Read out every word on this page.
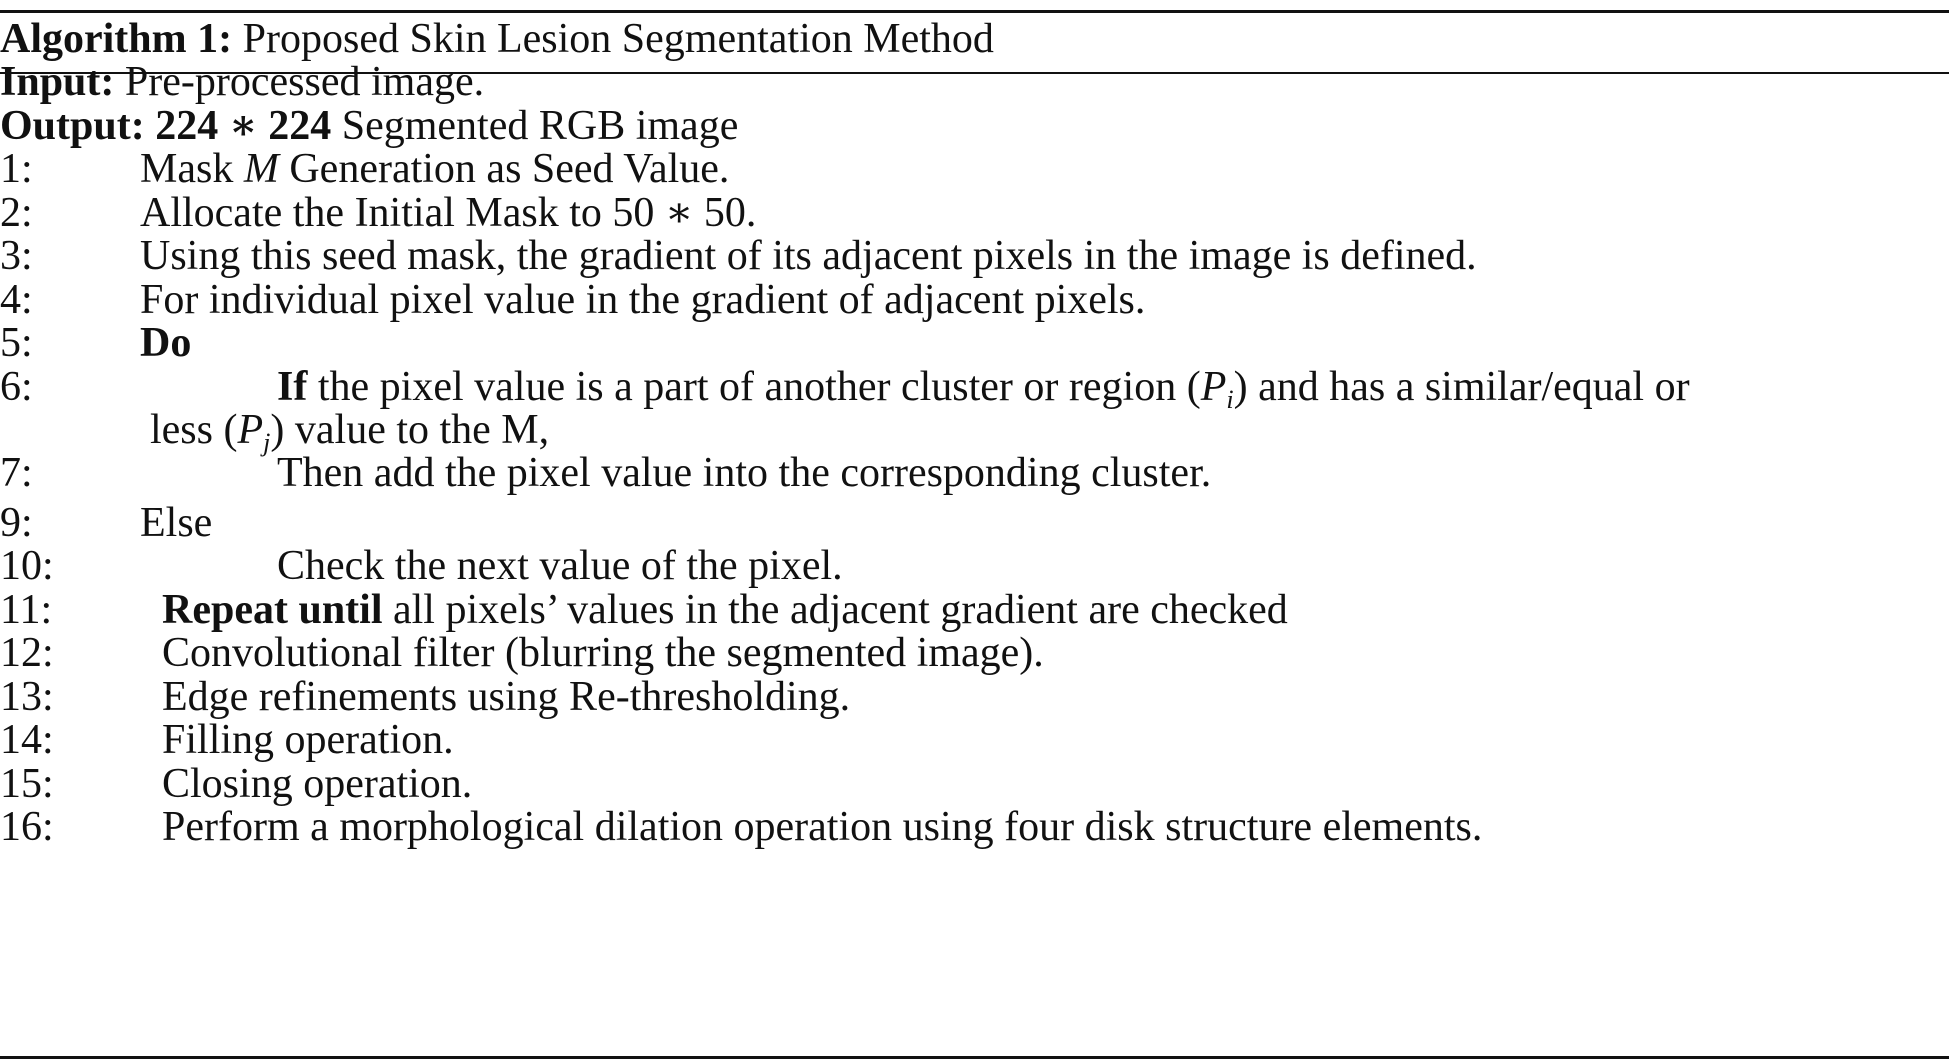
Algorithm 1: Proposed Skin Lesion Segmentation Method
Input: Pre-processed image.
Output: 224 ∗ 224 Segmented RGB image
1:	Mask M Generation as Seed Value.
2:	Allocate the Initial Mask to 50 ∗ 50.
3:	Using this seed mask, the gradient of its adjacent pixels in the image is defined.
4:	For individual pixel value in the gradient of adjacent pixels.
5:	Do
6:	If the pixel value is a part of another cluster or region $(P_i)$ and has a similar/equal or
less $(P_j)$ value to the M,
7:	Then add the pixel value into the corresponding cluster.
9:	Else
10:	Check the next value of the pixel.
11:	Repeat until all pixels’ values in the adjacent gradient are checked
12:	Convolutional filter (blurring the segmented image).
13:	Edge refinements using Re-thresholding.
14:	Filling operation.
15:	Closing operation.
16:	Perform a morphological dilation operation using four disk structure elements.
